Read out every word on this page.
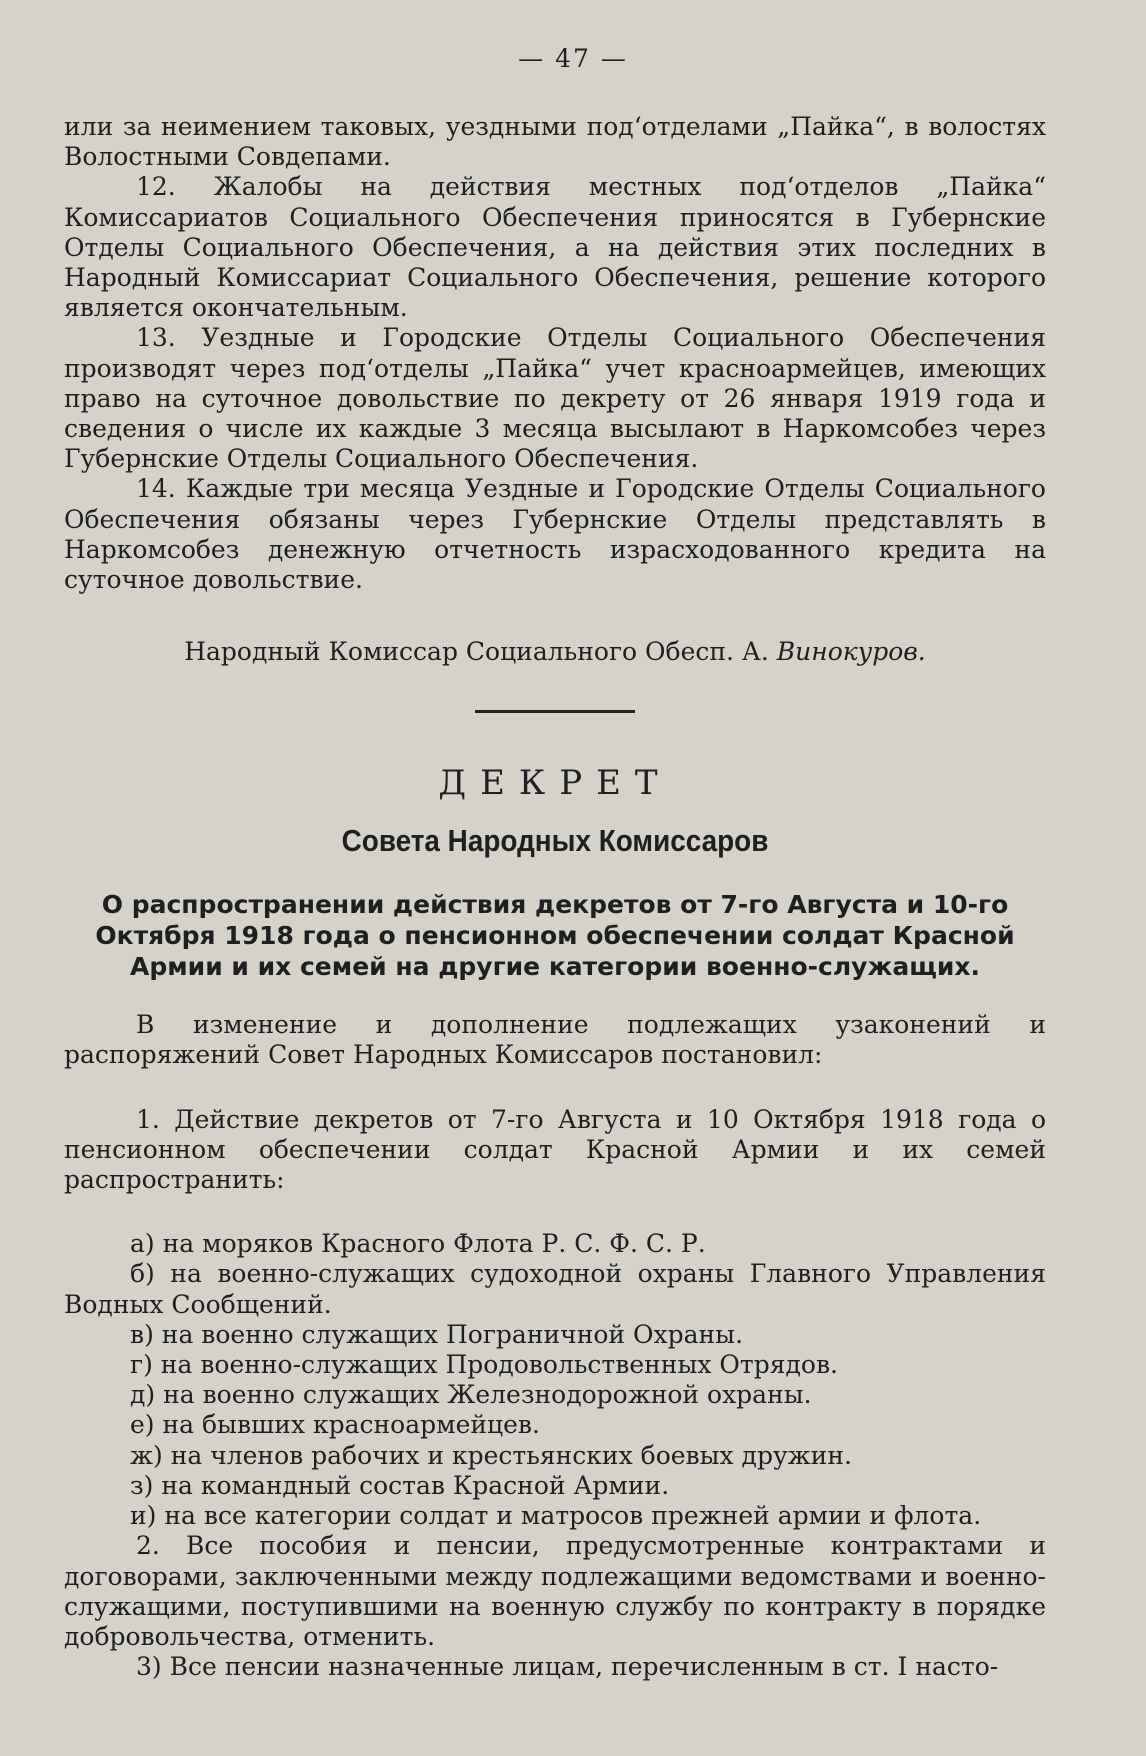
— 47 —

или за неимением таковых, уездными под‘отделами „Пайка“, в волостях Волостными Совдепами.

12. Жалобы на действия местных под‘отделов „Пайка“ Комиссариатов Социального Обеспечения приносятся в Губернские Отделы Социального Обеспечения, а на действия этих последних в Народный Комиссариат Социального Обеспечения, решение которого является окончательным.

13. Уездные и Городские Отделы Социального Обеспечения производят через под‘отделы „Пайка“ учет красноармейцев, имеющих право на суточное довольствие по декрету от 26 января 1919 года и сведения о числе их каждые 3 месяца высылают в Наркомсобез через Губернские Отделы Социального Обеспечения.

14. Каждые три месяца Уездные и Городские Отделы Социального Обеспечения обязаны через Губернские Отделы представлять в Наркомсобез денежную отчетность израсходованного кредита на суточное довольствие.

Народный Комиссар Социального Обесп. А. Винокуров.
ДЕКРЕТ
Совета Народных Комиссаров
О распространении действия декретов от 7-го Августа и 10-го Октября 1918 года о пенсионном обеспечении солдат Красной Армии и их семей на другие категории военно-служащих.

В изменение и дополнение подлежащих узаконений и распоряжений Совет Народных Комиссаров постановил:

1. Действие декретов от 7-го Августа и 10 Октября 1918 года о пенсионном обеспечении солдат Красной Армии и их семей распространить:

а) на моряков Красного Флота Р. С. Ф. С. Р.

б) на военно-служащих судоходной охраны Главного Управления Водных Сообщений.

в) на военно служащих Пограничной Охраны.

г) на военно-служащих Продовольственных Отрядов.

д) на военно служащих Железнодорожной охраны.

е) на бывших красноармейцев.

ж) на членов рабочих и крестьянских боевых дружин.

з) на командный состав Красной Армии.

и) на все категории солдат и матросов прежней армии и флота.

2. Все пособия и пенсии, предусмотренные контрактами и договорами, заключенными между подлежащими ведомствами и военно-служащими, поступившими на военную службу по контракту в порядке добровольчества, отменить.

3) Все пенсии назначенные лицам, перечисленным в ст. I насто-
